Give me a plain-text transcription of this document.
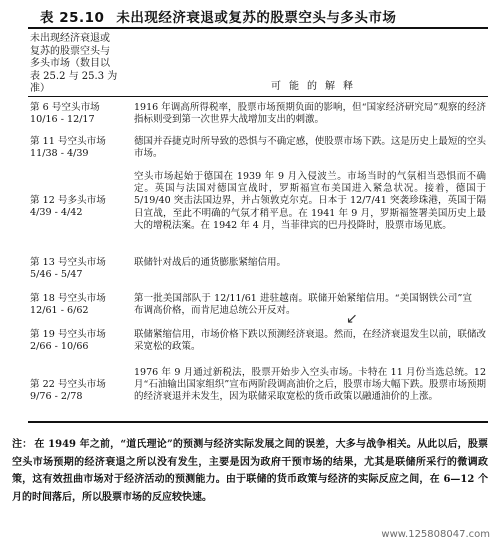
表 25.10 未出现经济衰退或复苏的股票空头与多头市场
未出现经济衰退或
复苏的股票空头与
多头市场（数目以
表 25.2 与 25.3 为
准）	可能的解释
第 6 号空头市场
10/16 - 12/17
1916 年调高所得税率，股票市场预期负面的影响，但“国家经济研究局”观察的经济指标则受到第一次世界大战增加支出的刺激。
第 11 号空头市场
11/38 - 4/39
德国并吞捷克时所导致的恐惧与不确定感，使股票市场下跌。这是历史上最短的空头市场。
第 12 号多头市场
4/39 - 4/42
空头市场起始于德国在 1939 年 9 月入侵波兰。市场当时的气氛相当恐惧而不确定。英国与法国对德国宣战时，罗斯福宣布美国进入紧急状况。接着，德国于 5/19/40 突击法国边界，并占领敦克尔克。日本于 12/7/41 突袭珍珠港，英国于隔日宣战，至此不明确的气氛才稍平息。在 1941 年 9 月，罗斯福签署美国历史上最大的增税法案。在 1942 年 4 月，当菲律宾的巴丹投降时，股票市场见底。
第 13 号空头市场
5/46 - 5/47
联储针对战后的通货膨胀紧缩信用。
第 18 号空头市场
12/61 - 6/62
第一批美国部队于 12/11/61 进驻越南。联储开始紧缩信用。“美国钢铁公司”宣布调高价格，而肯尼迪总统公开反对。
↙
第 19 号空头市场
2/66 - 10/66
联储紧缩信用，市场价格下跌以预测经济衰退。然而，在经济衰退发生以前，联储改采宽松的政策。
第 22 号空头市场
9/76 - 2/78
1976 年 9 月通过新税法，股票开始步入空头市场。卡特在 11 月份当选总统。12 月“石油输出国家组织”宣布两阶段调高油价之后，股票市场大幅下跌。股票市场预期的经济衰退并未发生，因为联储采取宽松的货币政策以融通油价的上涨。
注： 在 1949 年之前，“道氏理论”的预测与经济实际发展之间的误差，大多与战争相关。从此以后，股票空头市场预期的经济衰退之所以没有发生，主要是因为政府干预市场的结果，尤其是联储所采行的微调政策，这有效扭曲市场对于经济活动的预测能力。由于联储的货币政策与经济的实际反应之间，在 6—12 个月的时间落后，所以股票市场的反应较快速。
www.125808047.com
